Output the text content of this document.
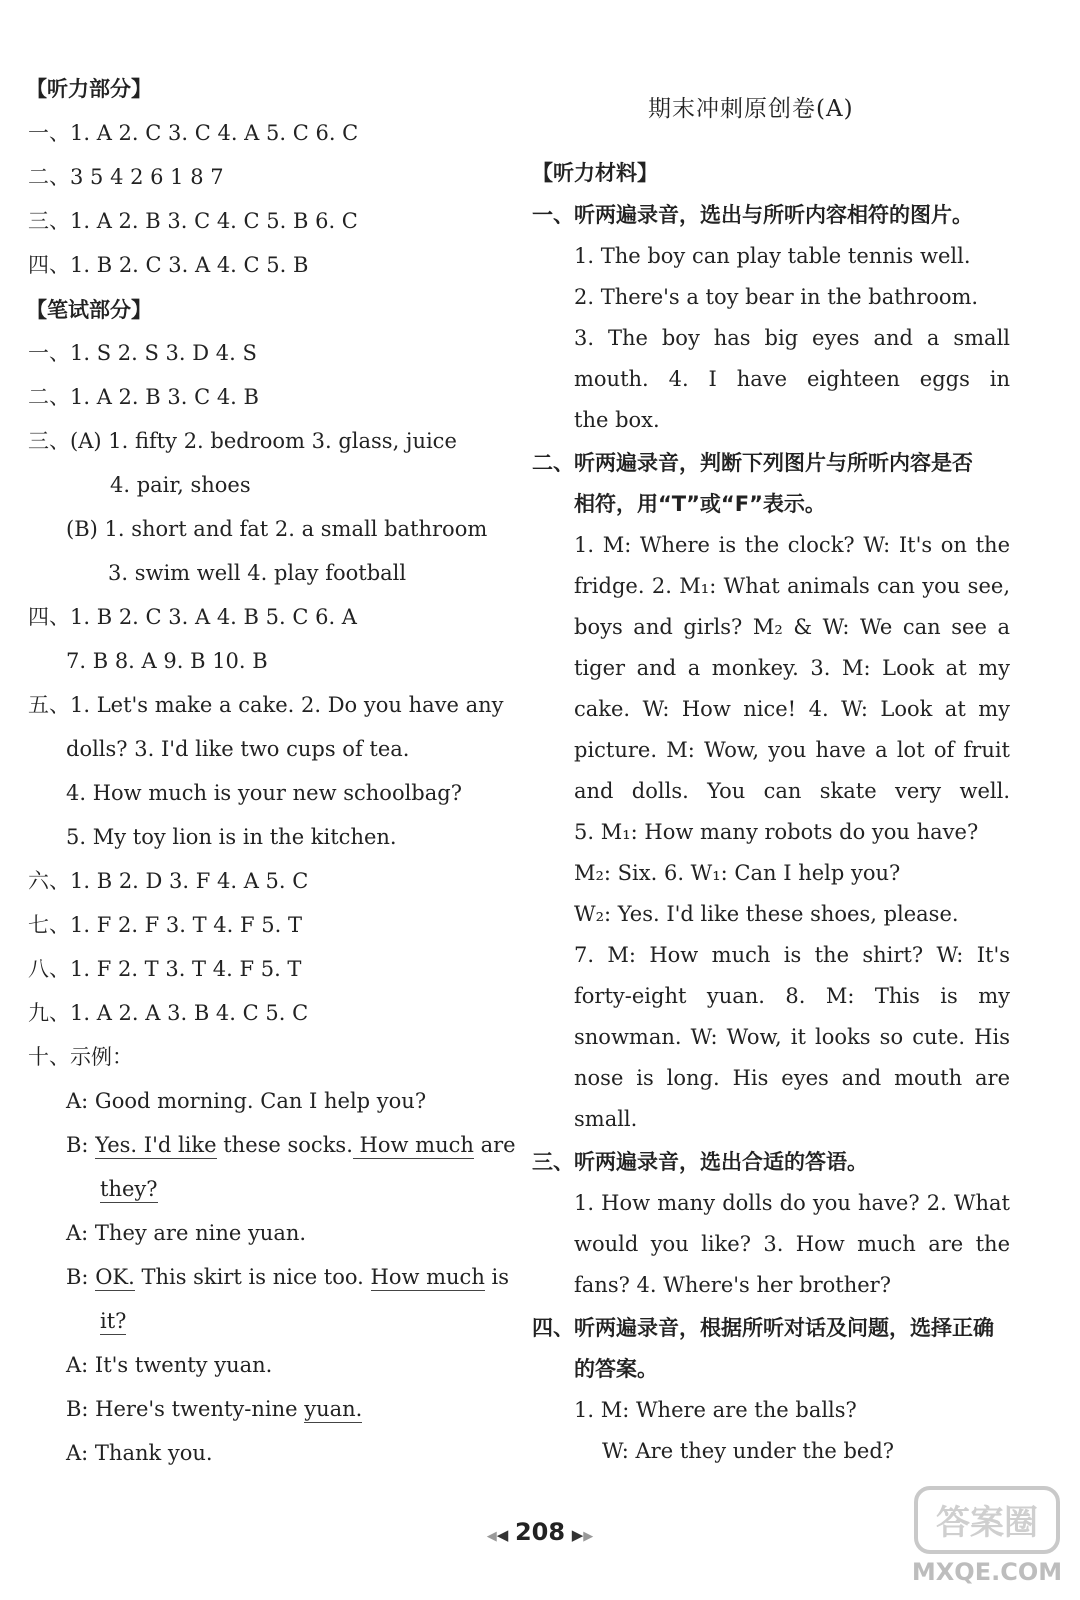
【听力部分】
一、1. A 2. C 3. C 4. A 5. C 6. C
二、3 5 4 2 6 1 8 7
三、1. A 2. B 3. C 4. C 5. B 6. C
四、1. B 2. C 3. A 4. C 5. B
【笔试部分】
一、1. S 2. S 3. D 4. S
二、1. A 2. B 3. C 4. B
三、(A) 1. fifty 2. bedroom 3. glass, juice
4. pair, shoes
(B) 1. short and fat 2. a small bathroom
3. swim well 4. play football
四、1. B 2. C 3. A 4. B 5. C 6. A
7. B 8. A 9. B 10. B
五、1. Let's make a cake. 2. Do you have any
dolls? 3. I'd like two cups of tea.
4. How much is your new schoolbag?
5. My toy lion is in the kitchen.
六、1. B 2. D 3. F 4. A 5. C
七、1. F 2. F 3. T 4. F 5. T
八、1. F 2. T 3. T 4. F 5. T
九、1. A 2. A 3. B 4. C 5. C
十、示例：
A: Good morning. Can I help you?
B: Yes. I'd like these socks. How much are
they?
A: They are nine yuan.
B: OK. This skirt is nice too. How much is
it?
A: It's twenty yuan.
B: Here's twenty-nine yuan.
A: Thank you.
期末冲刺原创卷(A)
【听力材料】
一、听两遍录音，选出与所听内容相符的图片。
1. The boy can play table tennis well.
2. There's a toy bear in the bathroom.
3. The boy has big eyes and a small
mouth. 4. I have eighteen eggs in
the box.
二、听两遍录音，判断下列图片与所听内容是否
相符，用“T”或“F”表示。
1. M: Where is the clock? W: It's on the
fridge. 2. M₁: What animals can you see,
boys and girls? M₂ & W: We can see a
tiger and a monkey. 3. M: Look at my
cake. W: How nice! 4. W: Look at my
picture. M: Wow, you have a lot of fruit
and dolls. You can skate very well.
5. M₁: How many robots do you have?
M₂: Six. 6. W₁: Can I help you?
W₂: Yes. I'd like these shoes, please.
7. M: How much is the shirt? W: It's
forty-eight yuan. 8. M: This is my
snowman. W: Wow, it looks so cute. His
nose is long. His eyes and mouth are
small.
三、听两遍录音，选出合适的答语。
1. How many dolls do you have? 2. What
would you like? 3. How much are the
fans? 4. Where's her brother?
四、听两遍录音，根据所听对话及问题，选择正确
的答案。
1. M: Where are the balls?
W: Are they under the bed?
◀◀ 208 ▶▶	答案圈
MXQE.COM
